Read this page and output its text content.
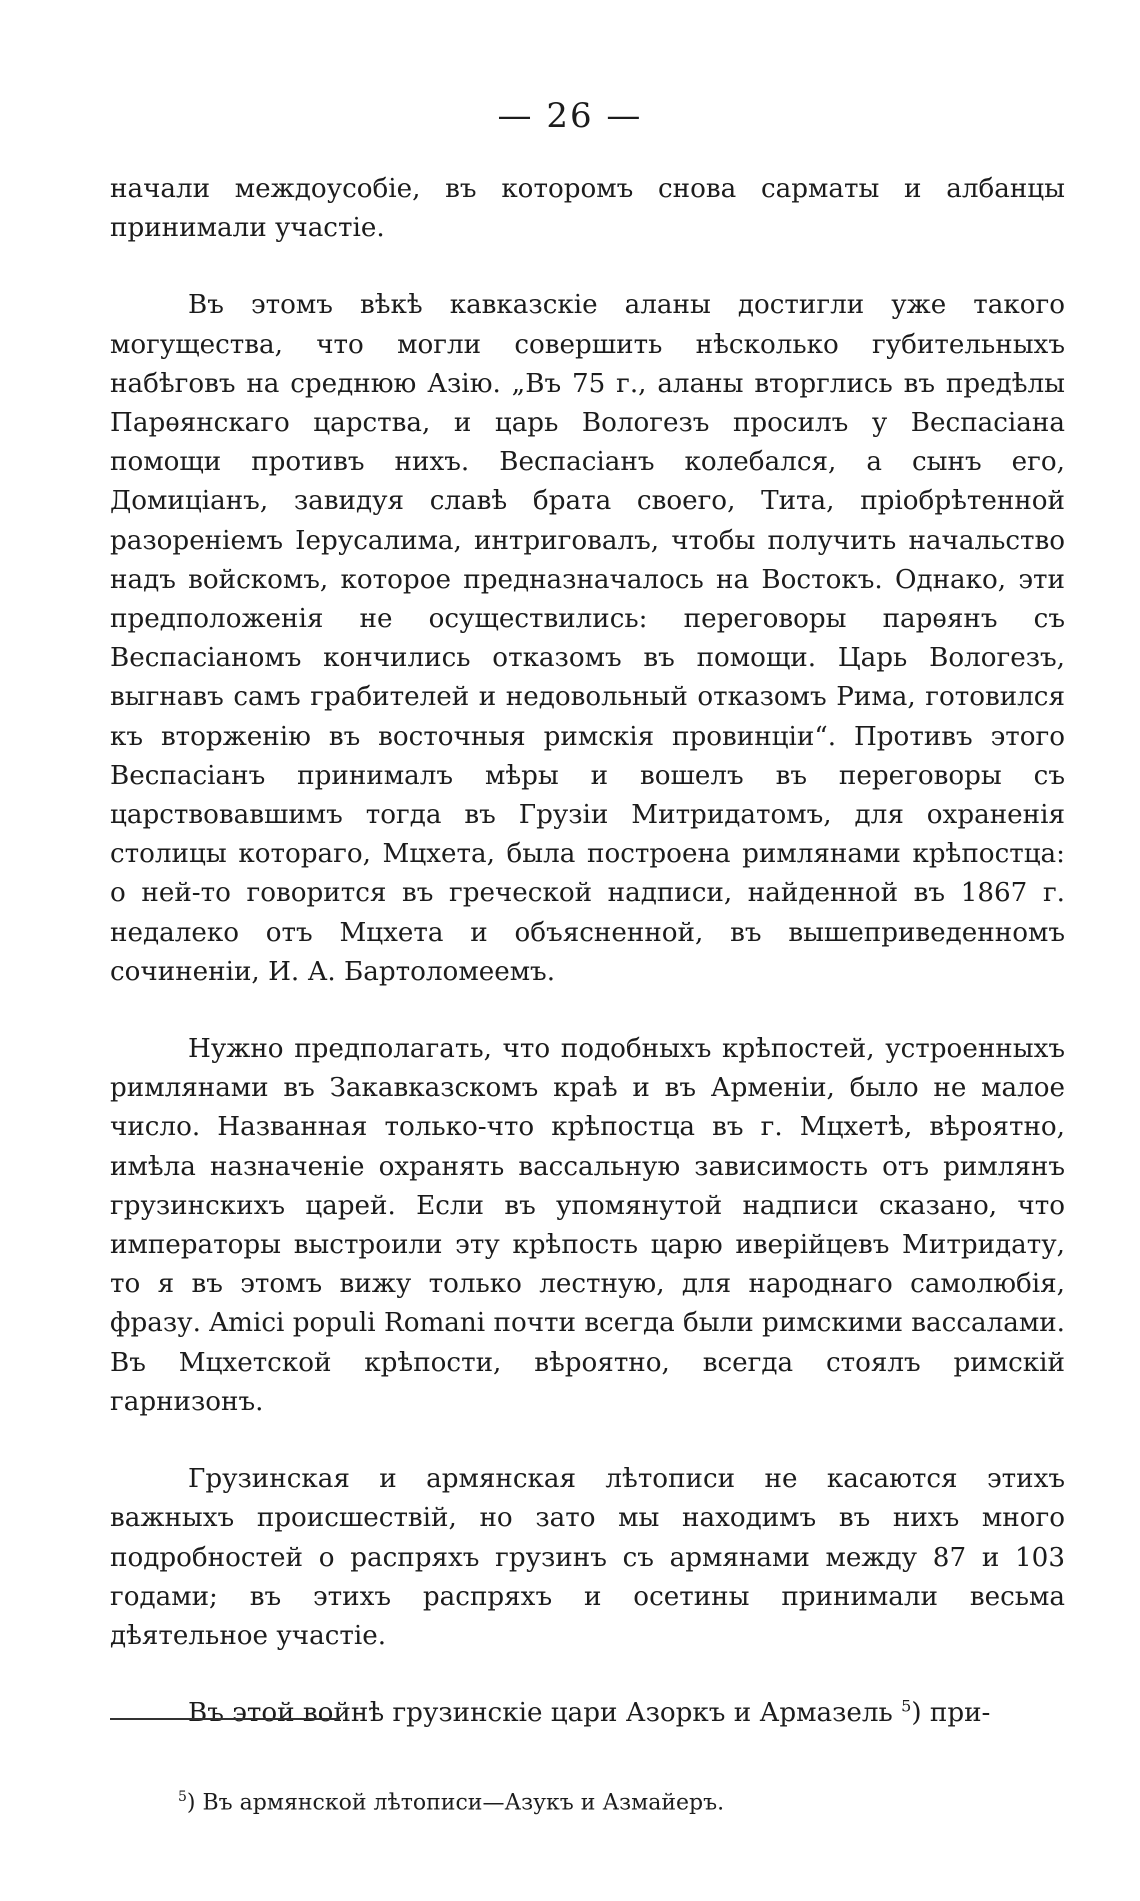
— 26 —

начали междоусобіе, въ которомъ снова сарматы и албанцы принимали участіе.

Въ этомъ вѣкѣ кавказскіе аланы достигли уже такого могущества, что могли совершить нѣсколько губительныхъ набѣговъ на среднюю Азію. „Въ 75 г., аланы вторглись въ предѣлы Парѳянскаго царства, и царь Вологезъ просилъ у Веспасіана помощи противъ нихъ. Веспасіанъ колебался, а сынъ его, Домиціанъ, завидуя славѣ брата своего, Тита, пріобрѣтенной разореніемъ Іерусалима, интриговалъ, чтобы получить начальство надъ войскомъ, которое предназначалось на Востокъ. Однако, эти предположенія не осуществились: переговоры парѳянъ съ Веспасіаномъ кончились отказомъ въ помощи. Царь Вологезъ, выгнавъ самъ грабителей и недовольный отказомъ Рима, готовился къ вторженію въ восточныя римскія провинціи“. Противъ этого Веспасіанъ принималъ мѣры и вошелъ въ переговоры съ царствовавшимъ тогда въ Грузіи Митридатомъ, для охраненія столицы котораго, Мцхета, была построена римлянами крѣпостца: о ней-то говорится въ греческой надписи, найденной въ 1867 г. недалеко отъ Мцхета и объясненной, въ вышеприведенномъ сочиненіи, И. А. Бартоломеемъ.

Нужно предполагать, что подобныхъ крѣпостей, устроенныхъ римлянами въ Закавказскомъ краѣ и въ Арменіи, было не малое число. Названная только-что крѣпостца въ г. Мцхетѣ, вѣроятно, имѣла назначеніе охранять вассальную зависимость отъ римлянъ грузинскихъ царей. Если въ упомянутой надписи сказано, что императоры выстроили эту крѣпость царю иверійцевъ Митридату, то я въ этомъ вижу только лестную, для народнаго самолюбія, фразу. Amici populi Romani почти всегда были римскими вассалами. Въ Мцхетской крѣпости, вѣроятно, всегда стоялъ римскій гарнизонъ.

Грузинская и армянская лѣтописи не касаются этихъ важныхъ происшествій, но зато мы находимъ въ нихъ много подробностей о распряхъ грузинъ съ армянами между 87 и 103 годами; въ этихъ распряхъ и осетины принимали весьма дѣятельное участіе.

Въ этой войнѣ грузинскіе цари Азоркъ и Армазель $^5$) при-

$^5$) Въ армянской лѣтописи—Азукъ и Азмайеръ.
